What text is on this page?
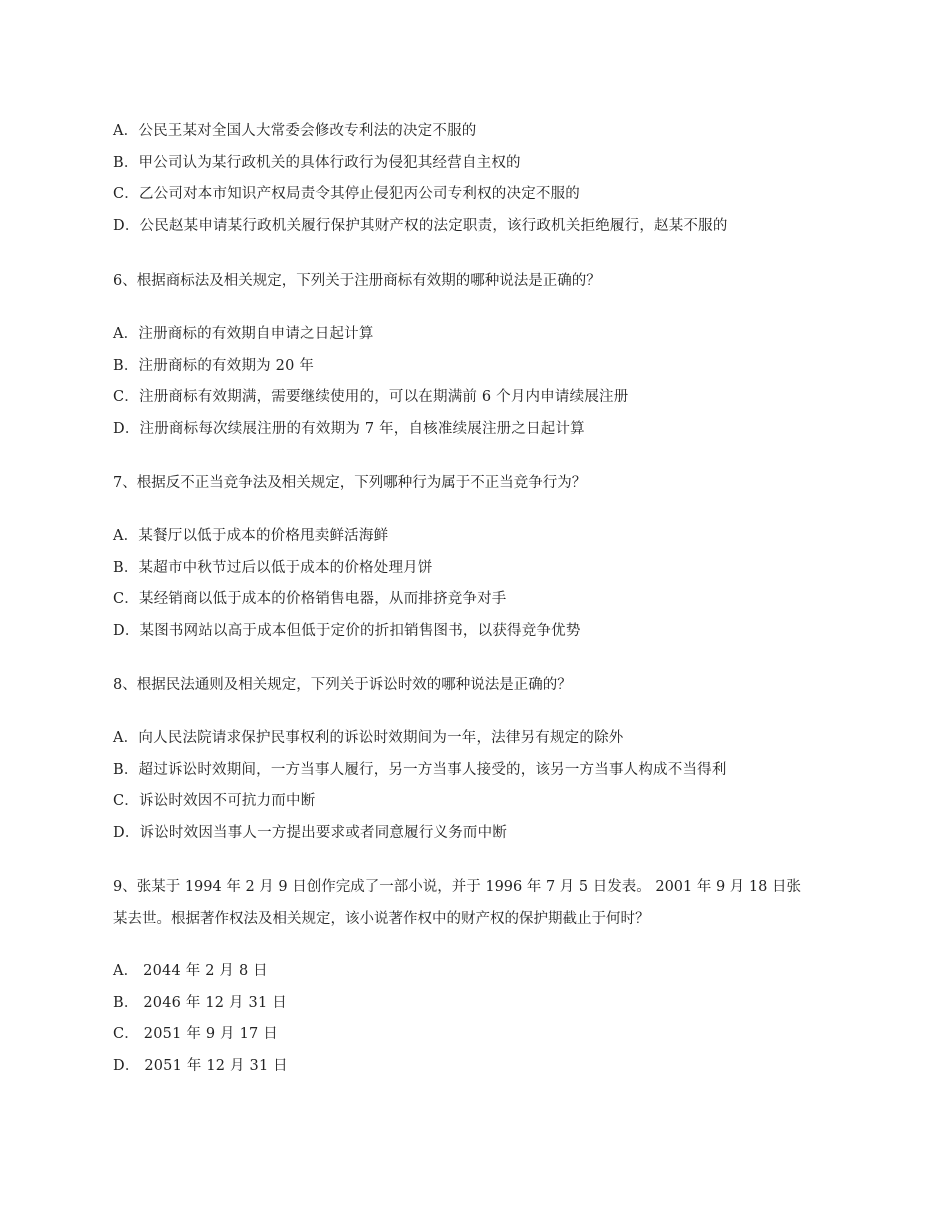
A．公民王某对全国人大常委会修改专利法的决定不服的
B．甲公司认为某行政机关的具体行政行为侵犯其经营自主权的
C．乙公司对本市知识产权局责令其停止侵犯丙公司专利权的决定不服的
D．公民赵某申请某行政机关履行保护其财产权的法定职责，该行政机关拒绝履行，赵某不服的
6、根据商标法及相关规定，下列关于注册商标有效期的哪种说法是正确的？
A．注册商标的有效期自申请之日起计算
B．注册商标的有效期为 20 年
C．注册商标有效期满，需要继续使用的，可以在期满前 6 个月内申请续展注册
D．注册商标每次续展注册的有效期为 7 年，自核准续展注册之日起计算
7、根据反不正当竞争法及相关规定，下列哪种行为属于不正当竞争行为？
A．某餐厅以低于成本的价格甩卖鲜活海鲜
B．某超市中秋节过后以低于成本的价格处理月饼
C．某经销商以低于成本的价格销售电器，从而排挤竞争对手
D．某图书网站以高于成本但低于定价的折扣销售图书，以获得竞争优势
8、根据民法通则及相关规定，下列关于诉讼时效的哪种说法是正确的？
A．向人民法院请求保护民事权利的诉讼时效期间为一年，法律另有规定的除外
B．超过诉讼时效期间，一方当事人履行，另一方当事人接受的，该另一方当事人构成不当得利
C．诉讼时效因不可抗力而中断
D．诉讼时效因当事人一方提出要求或者同意履行义务而中断
9、张某于 1994 年 2 月 9 日创作完成了一部小说，并于 1996 年 7 月 5 日发表。 2001 年 9 月 18 日张
某去世。根据著作权法及相关规定，该小说著作权中的财产权的保护期截止于何时？
A． 2044 年 2 月 8 日
B． 2046 年 12 月 31 日
C． 2051 年 9 月 17 日
D． 2051 年 12 月 31 日
